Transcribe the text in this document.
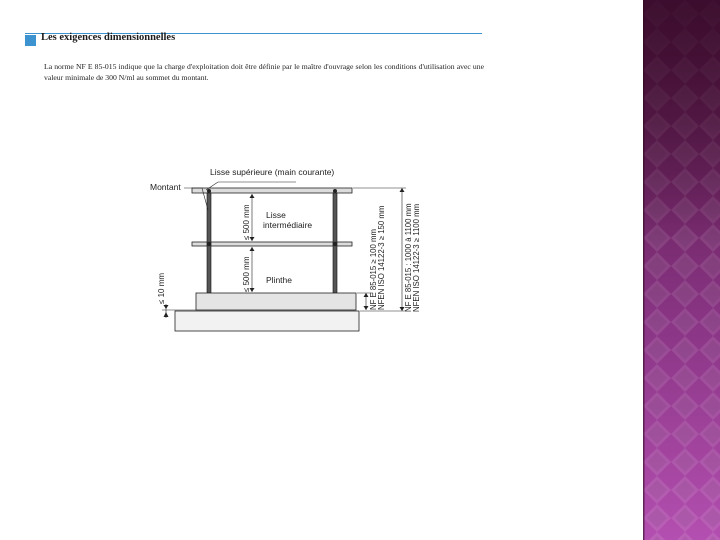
Les exigences dimensionnelles

La norme NF E 85-015 indique que la charge d'exploitation doit être définie par le maître d'ouvrage selon les conditions d'utilisation avec une valeur minimale de 300 N/ml au sommet du montant.

Lisse supérieure (main courante)
Montant
Lisse
intermédiaire
Plinthe
≤ 500 mm
≤ 500 mm
≤ 10 mm	NF E 85-015 ≥ 100 mm NFEN ISO 14122-3 ≥ 150 mm NF E 85-015 : 1000 à 1100 mm NFEN ISO 14122-3 ≥ 1100 mm
